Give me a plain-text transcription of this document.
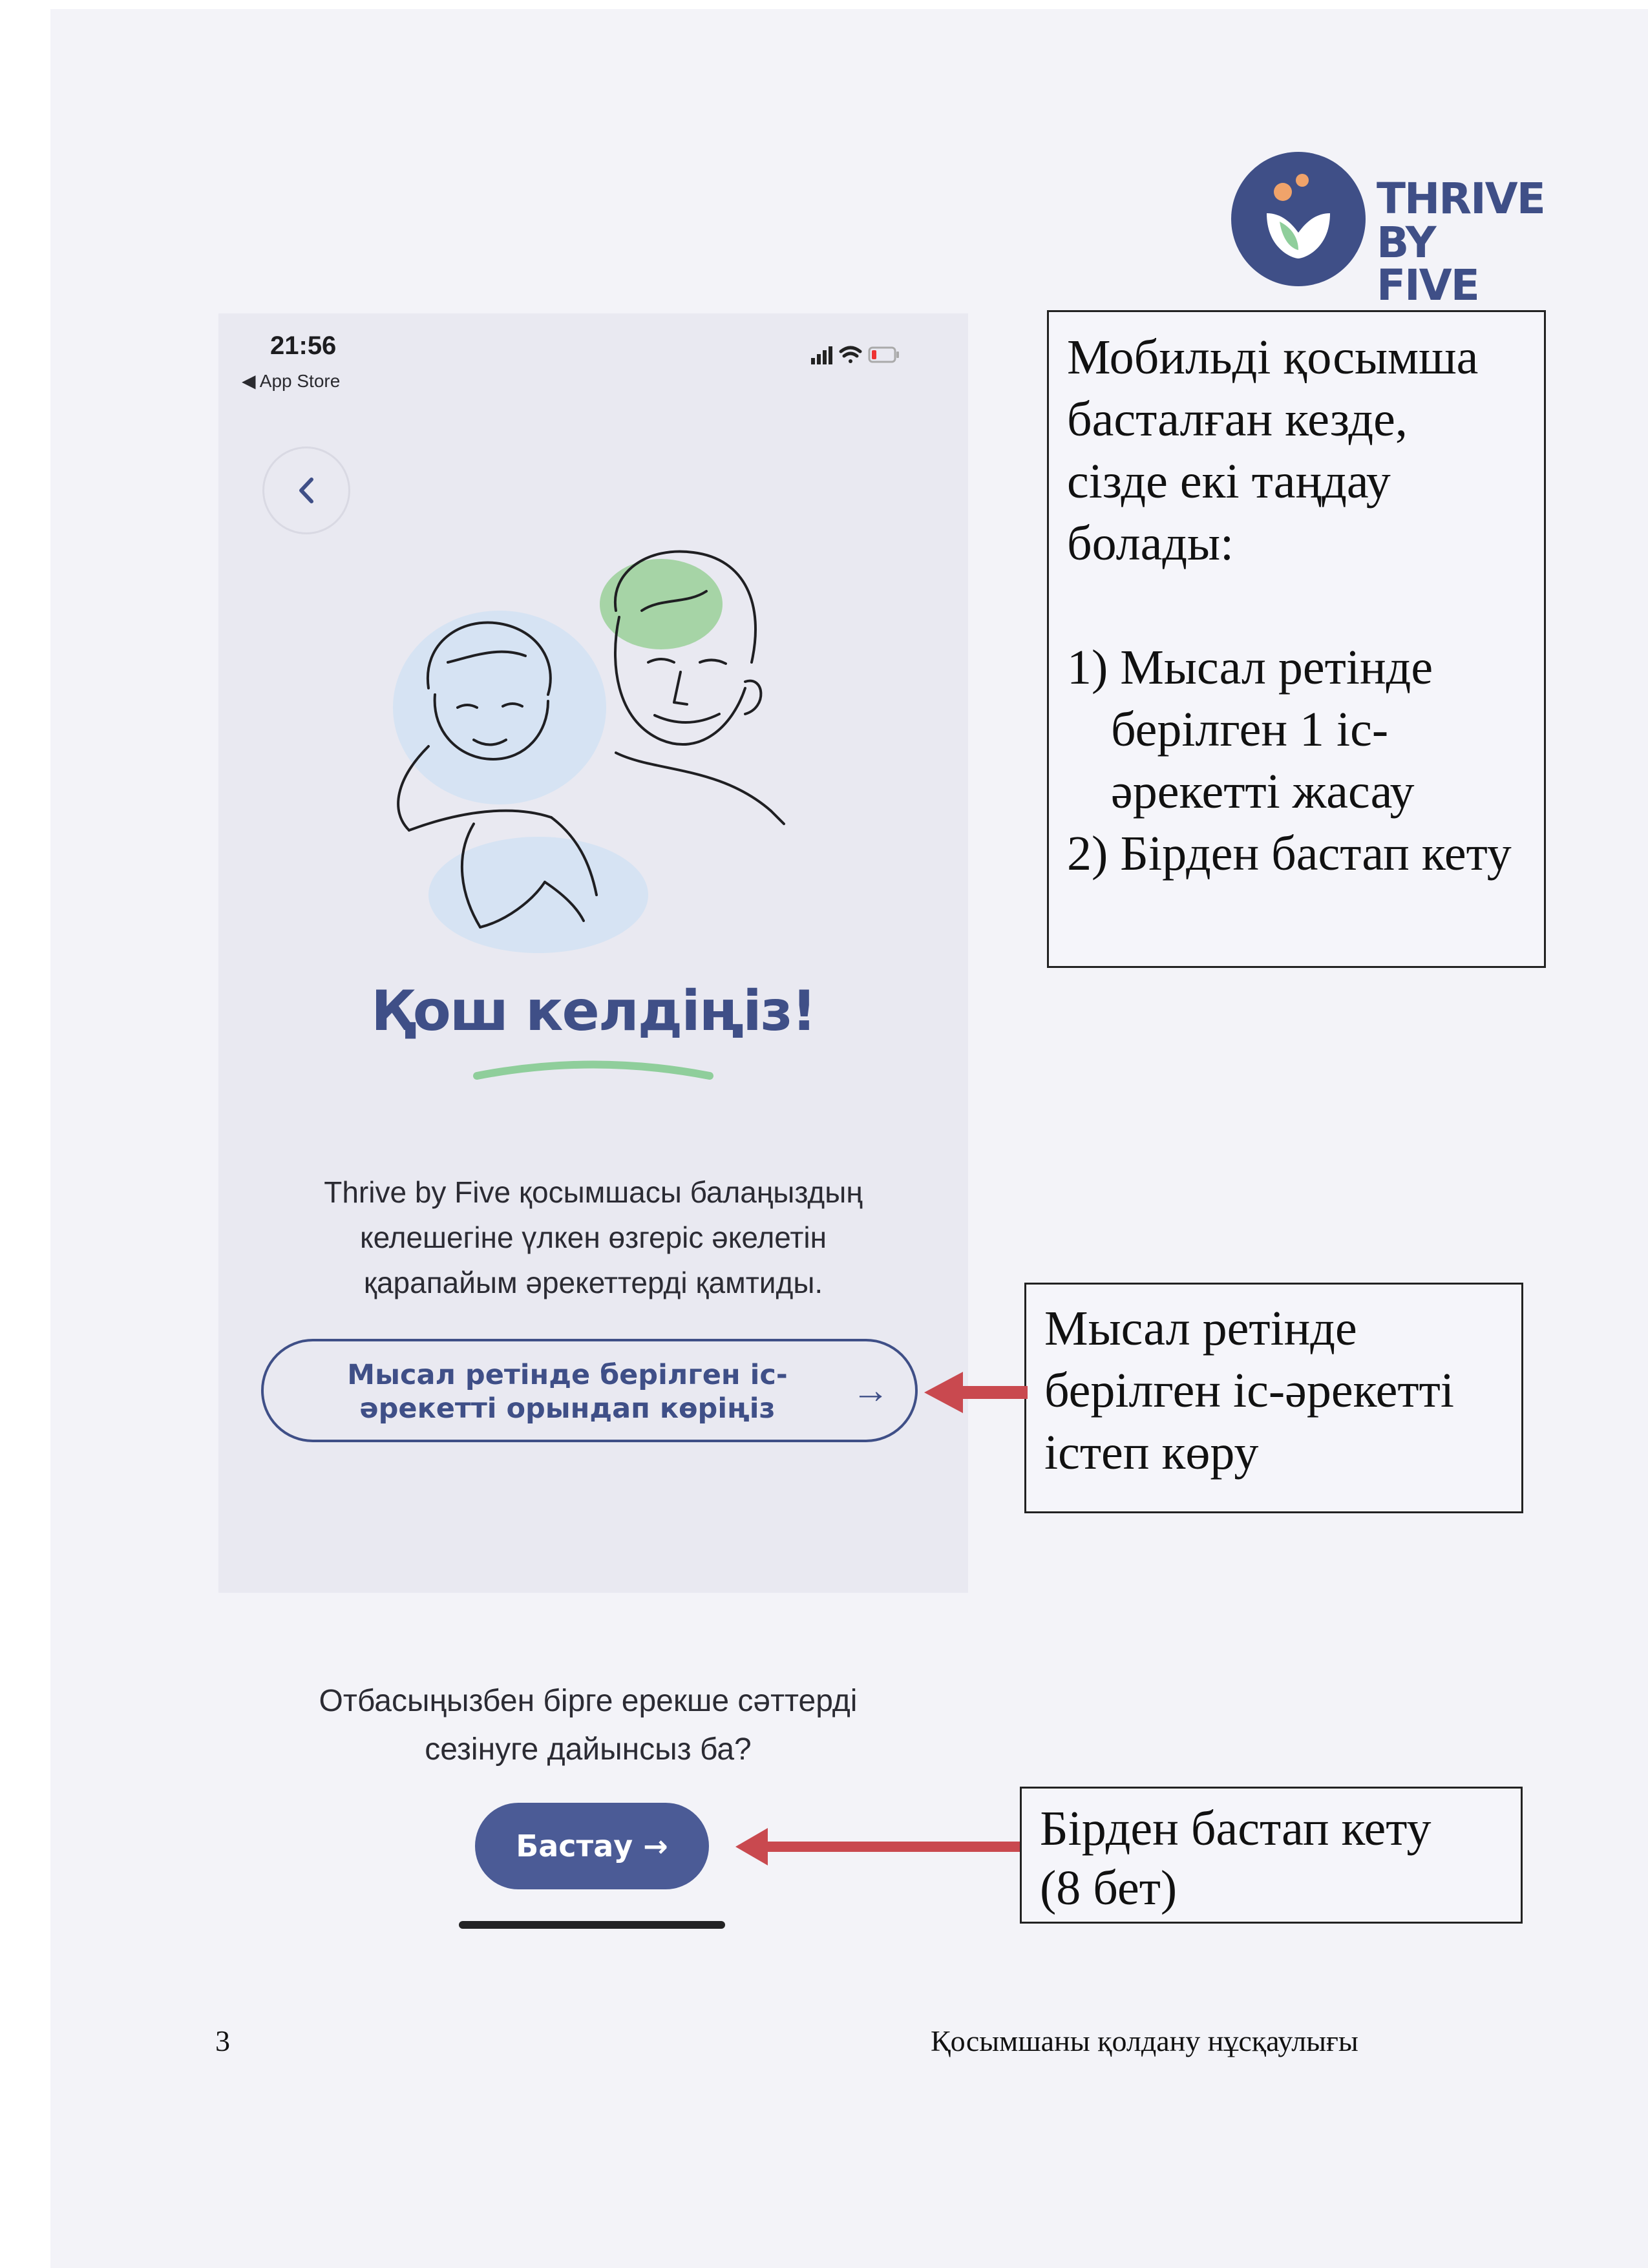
THRIVE
BY FIVE
21:56
◀ App Store
Қош келдіңіз!
Thrive by Five қосымшасы балаңыздың
келешегіне үлкен өзгеріс әкелетін
қарапайым әрекеттерді қамтиды.
Мысал ретінде берілген іс-
әрекетті орындап көріңіз	→
Отбасыңызбен бірге ерекше сәттерді
сезінуге дайынсыз ба?
Бастау →
Мобильді қосымша
басталған кезде,
сізде екі таңдау
болады:
1) Мысал ретінде берілген 1 іс-әрекетті жасау
2) Бірден бастап кету
Мысал ретінде
берілген іс-әрекетті
істеп көру
Бірден бастап кету
(8 бет)
3	Қосымшаны қолдану нұсқаулығы
